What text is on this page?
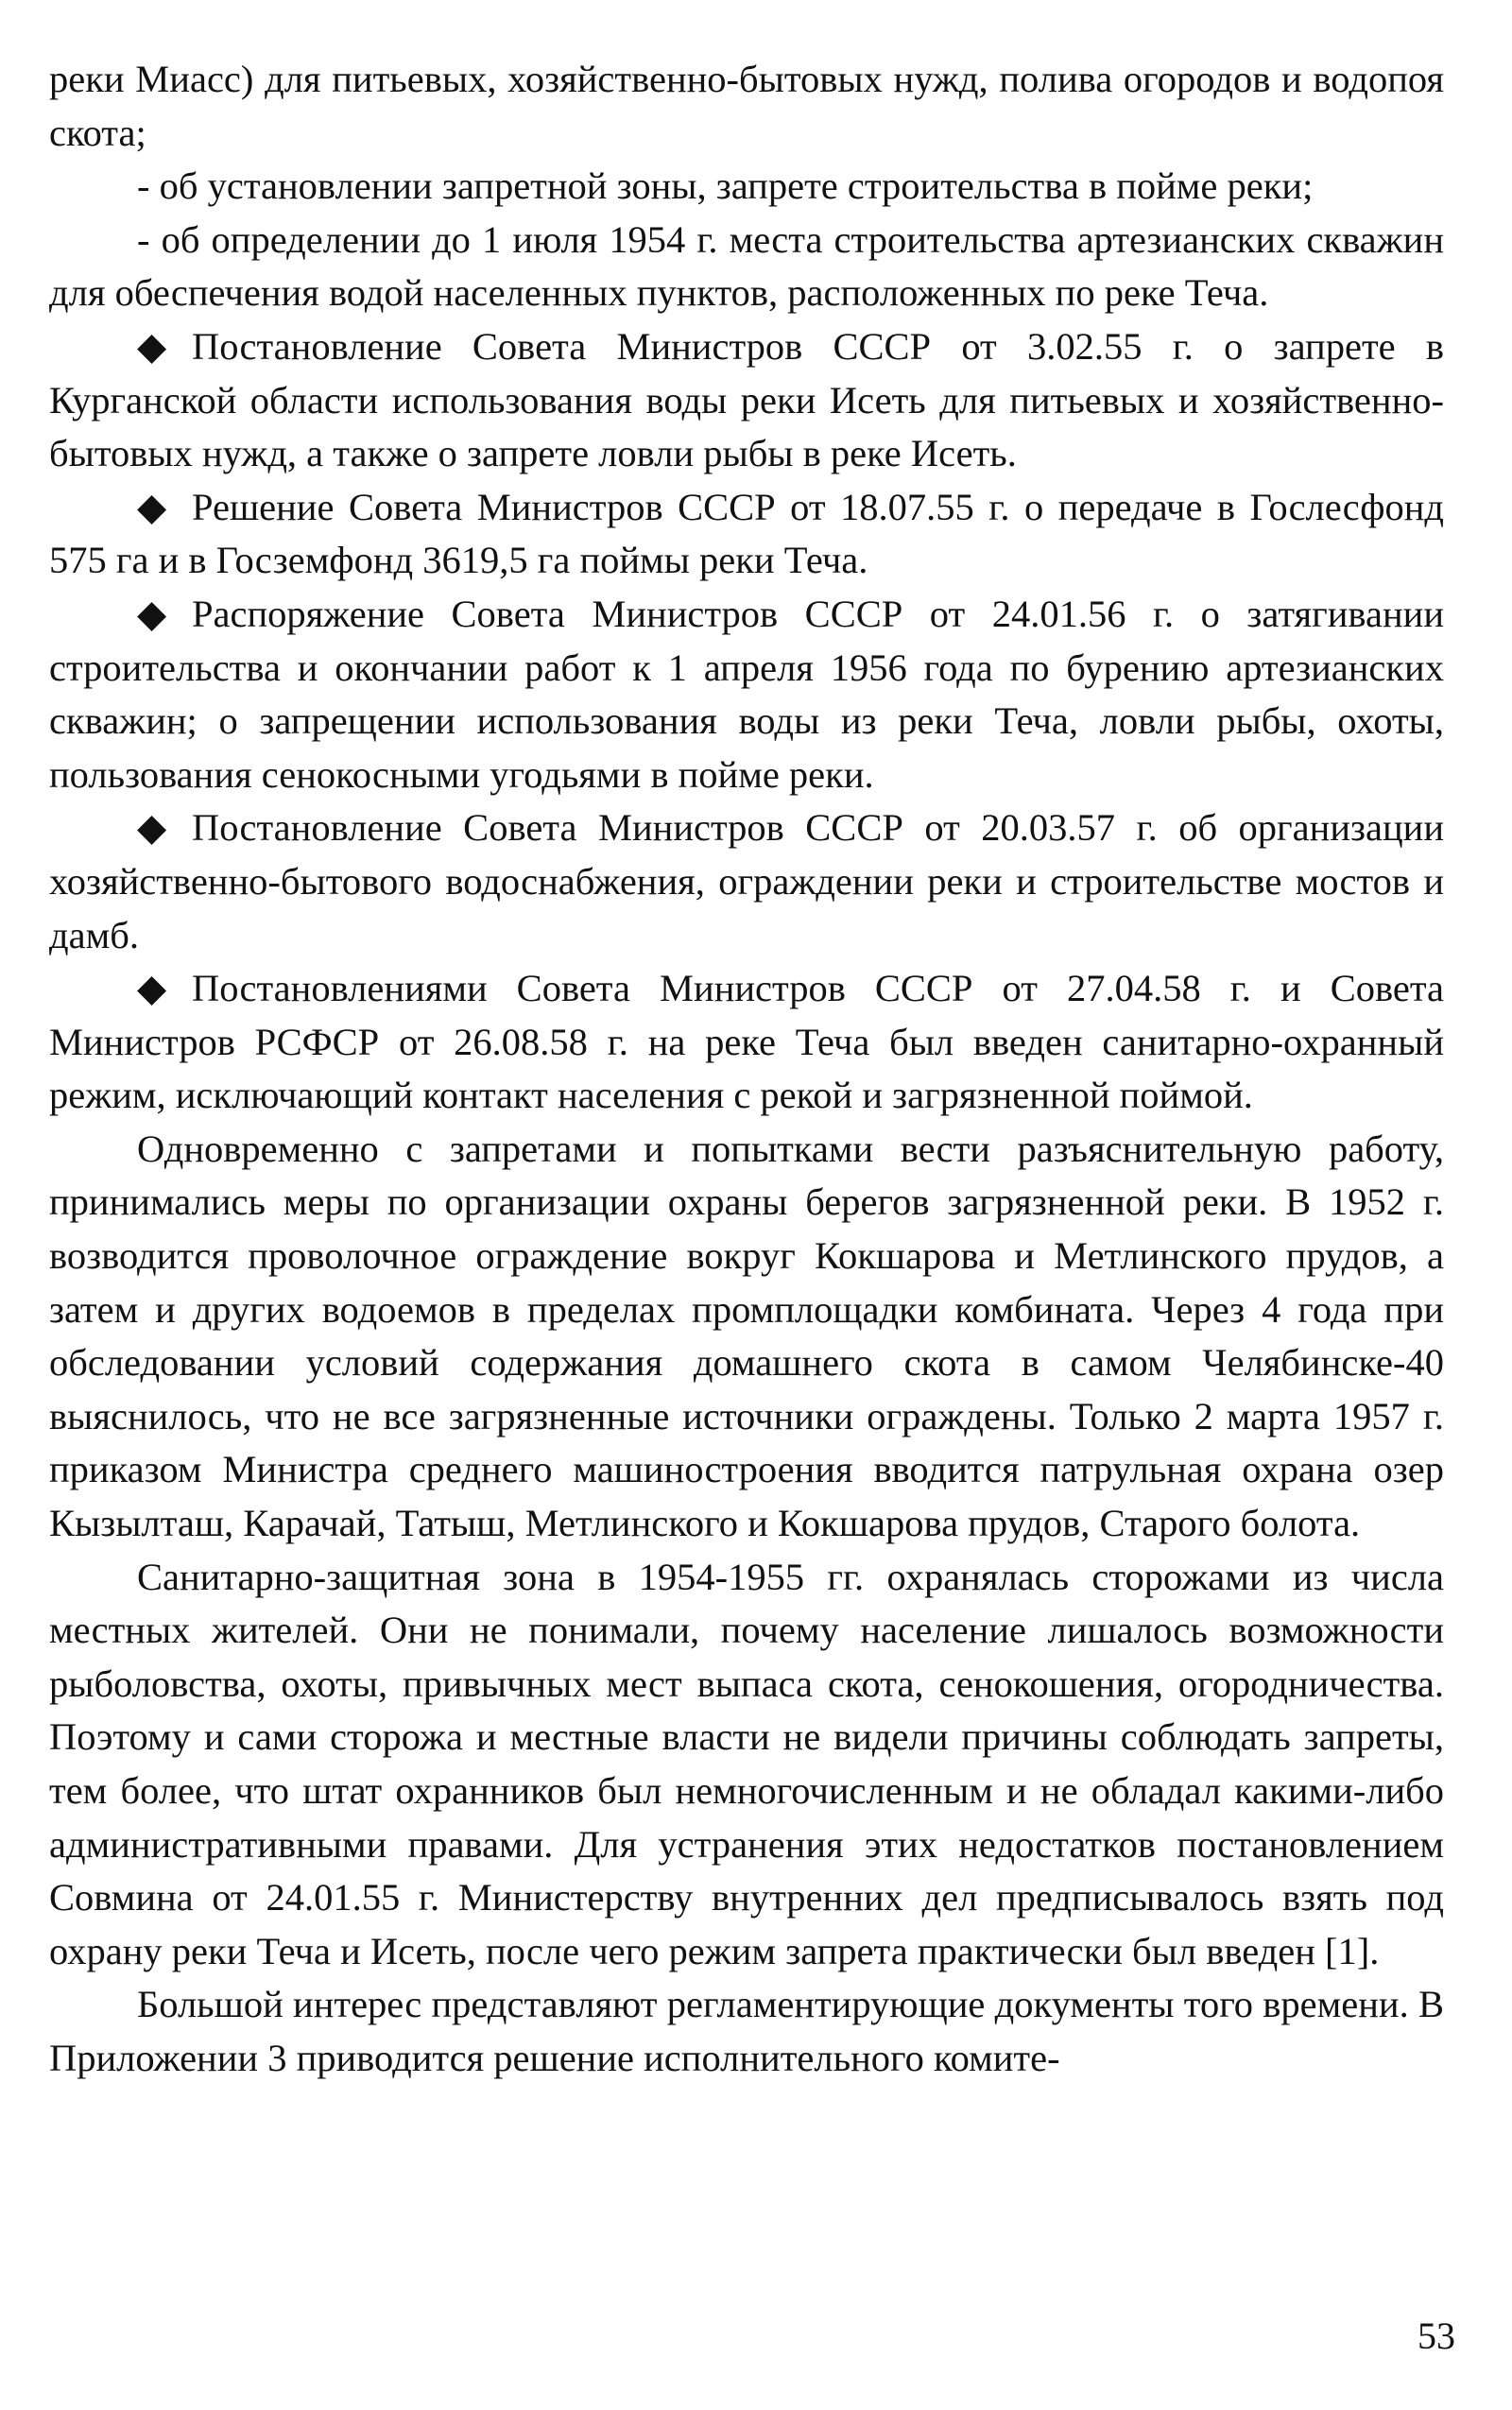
реки Миасс) для питьевых, хозяйственно-бытовых нужд, полива огородов и водопоя скота;

- об установлении запретной зоны, запрете строительства в пойме реки;

- об определении до 1 июля 1954 г. места строительства артезианских скважин для обеспечения водой населенных пунктов, расположенных по реке Теча.

◆ Постановление Совета Министров СССР от 3.02.55 г. о запрете в Курганской области использования воды реки Исеть для питьевых и хозяйственно-бытовых нужд, а также о запрете ловли рыбы в реке Исеть.

◆ Решение Совета Министров СССР от 18.07.55 г. о передаче в Гослесфонд 575 га и в Госземфонд 3619,5 га поймы реки Теча.

◆ Распоряжение Совета Министров СССР от 24.01.56 г. о затягивании строительства и окончании работ к 1 апреля 1956 года по бурению артезианских скважин; о запрещении использования воды из реки Теча, ловли рыбы, охоты, пользования сенокосными угодьями в пойме реки.

◆ Постановление Совета Министров СССР от 20.03.57 г. об организации хозяйственно-бытового водоснабжения, ограждении реки и строительстве мостов и дамб.

◆ Постановлениями Совета Министров СССР от 27.04.58 г. и Совета Министров РСФСР от 26.08.58 г. на реке Теча был введен санитарно-охранный режим, исключающий контакт населения с рекой и загрязненной поймой.

Одновременно с запретами и попытками вести разъяснительную работу, принимались меры по организации охраны берегов загрязненной реки. В 1952 г. возводится проволочное ограждение вокруг Кокшарова и Метлинского прудов, а затем и других водоемов в пределах промплощадки комбината. Через 4 года при обследовании условий содержания домашнего скота в самом Челябинске-40 выяснилось, что не все загрязненные источники ограждены. Только 2 марта 1957 г. приказом Министра среднего машиностроения вводится патрульная охрана озер Кызылташ, Карачай, Татыш, Метлинского и Кокшарова прудов, Старого болота.

Санитарно-защитная зона в 1954-1955 гг. охранялась сторожами из числа местных жителей. Они не понимали, почему население лишалось возможности рыболовства, охоты, привычных мест выпаса скота, сенокошения, огородничества. Поэтому и сами сторожа и местные власти не видели причины соблюдать запреты, тем более, что штат охранников был немногочисленным и не обладал какими-либо административными правами. Для устранения этих недостатков постановлением Совмина от 24.01.55 г. Министерству внутренних дел предписывалось взять под охрану реки Теча и Исеть, после чего режим запрета практически был введен [1].

Большой интерес представляют регламентирующие документы того времени. В Приложении 3 приводится решение исполнительного комите-

53
